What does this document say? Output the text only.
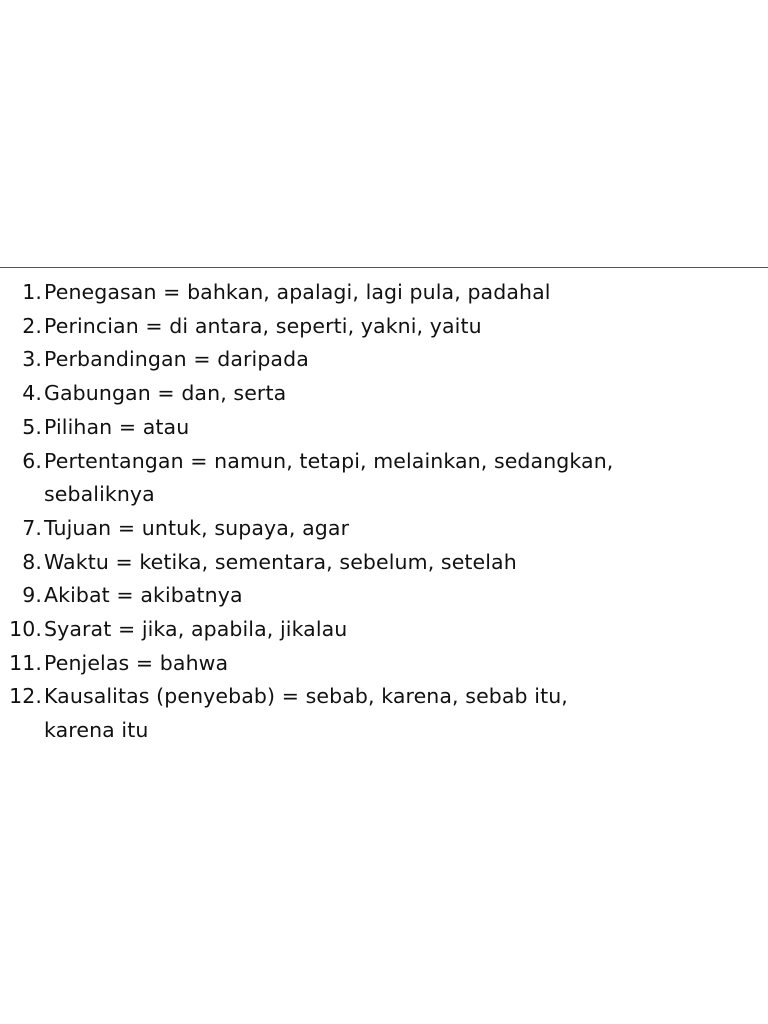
1. Penegasan = bahkan, apalagi, lagi pula, padahal
2. Perincian = di antara, seperti, yakni, yaitu
3. Perbandingan = daripada
4. Gabungan = dan, serta
5. Pilihan = atau
6. Pertentangan = namun, tetapi, melainkan, sedangkan, sebaliknya
7. Tujuan = untuk, supaya, agar
8. Waktu = ketika, sementara, sebelum, setelah
9. Akibat = akibatnya
10. Syarat = jika, apabila, jikalau
11. Penjelas = bahwa
12. Kausalitas (penyebab) = sebab, karena, sebab itu, karena itu
